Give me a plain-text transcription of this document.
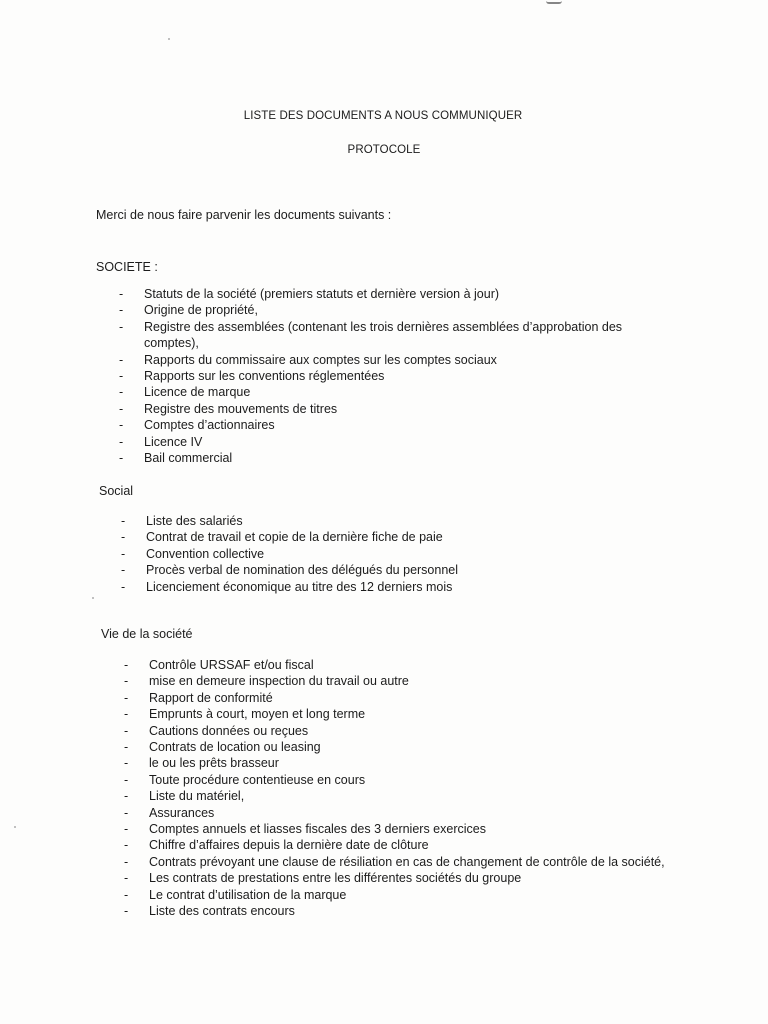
LISTE DES DOCUMENTS A NOUS COMMUNIQUER
PROTOCOLE
Merci de nous faire parvenir les documents suivants :
SOCIETE :
- Statuts de la société (premiers statuts et dernière version à jour)
- Origine de propriété,
- Registre des assemblées (contenant les trois dernières assemblées d’approbation des comptes),
- Rapports du commissaire aux comptes sur les comptes sociaux
- Rapports sur les conventions réglementées
- Licence de marque
- Registre des mouvements de titres
- Comptes d’actionnaires
- Licence IV
- Bail commercial
Social
- Liste des salariés
- Contrat de travail et copie de la dernière fiche de paie
- Convention collective
- Procès verbal de nomination des délégués du personnel
- Licenciement économique au titre des 12 derniers mois
Vie de la société
- Contrôle URSSAF et/ou fiscal
- mise en demeure inspection du travail ou autre
- Rapport de conformité
- Emprunts à court, moyen et long terme
- Cautions données ou reçues
- Contrats de location ou leasing
- le ou les prêts brasseur
- Toute procédure contentieuse en cours
- Liste du matériel,
- Assurances
- Comptes annuels et liasses fiscales des 3 derniers exercices
- Chiffre d’affaires depuis la dernière date de clôture
- Contrats prévoyant une clause de résiliation en cas de changement de contrôle de la société,
- Les contrats de prestations entre les différentes sociétés du groupe
- Le contrat d’utilisation de la marque
- Liste des contrats encours
